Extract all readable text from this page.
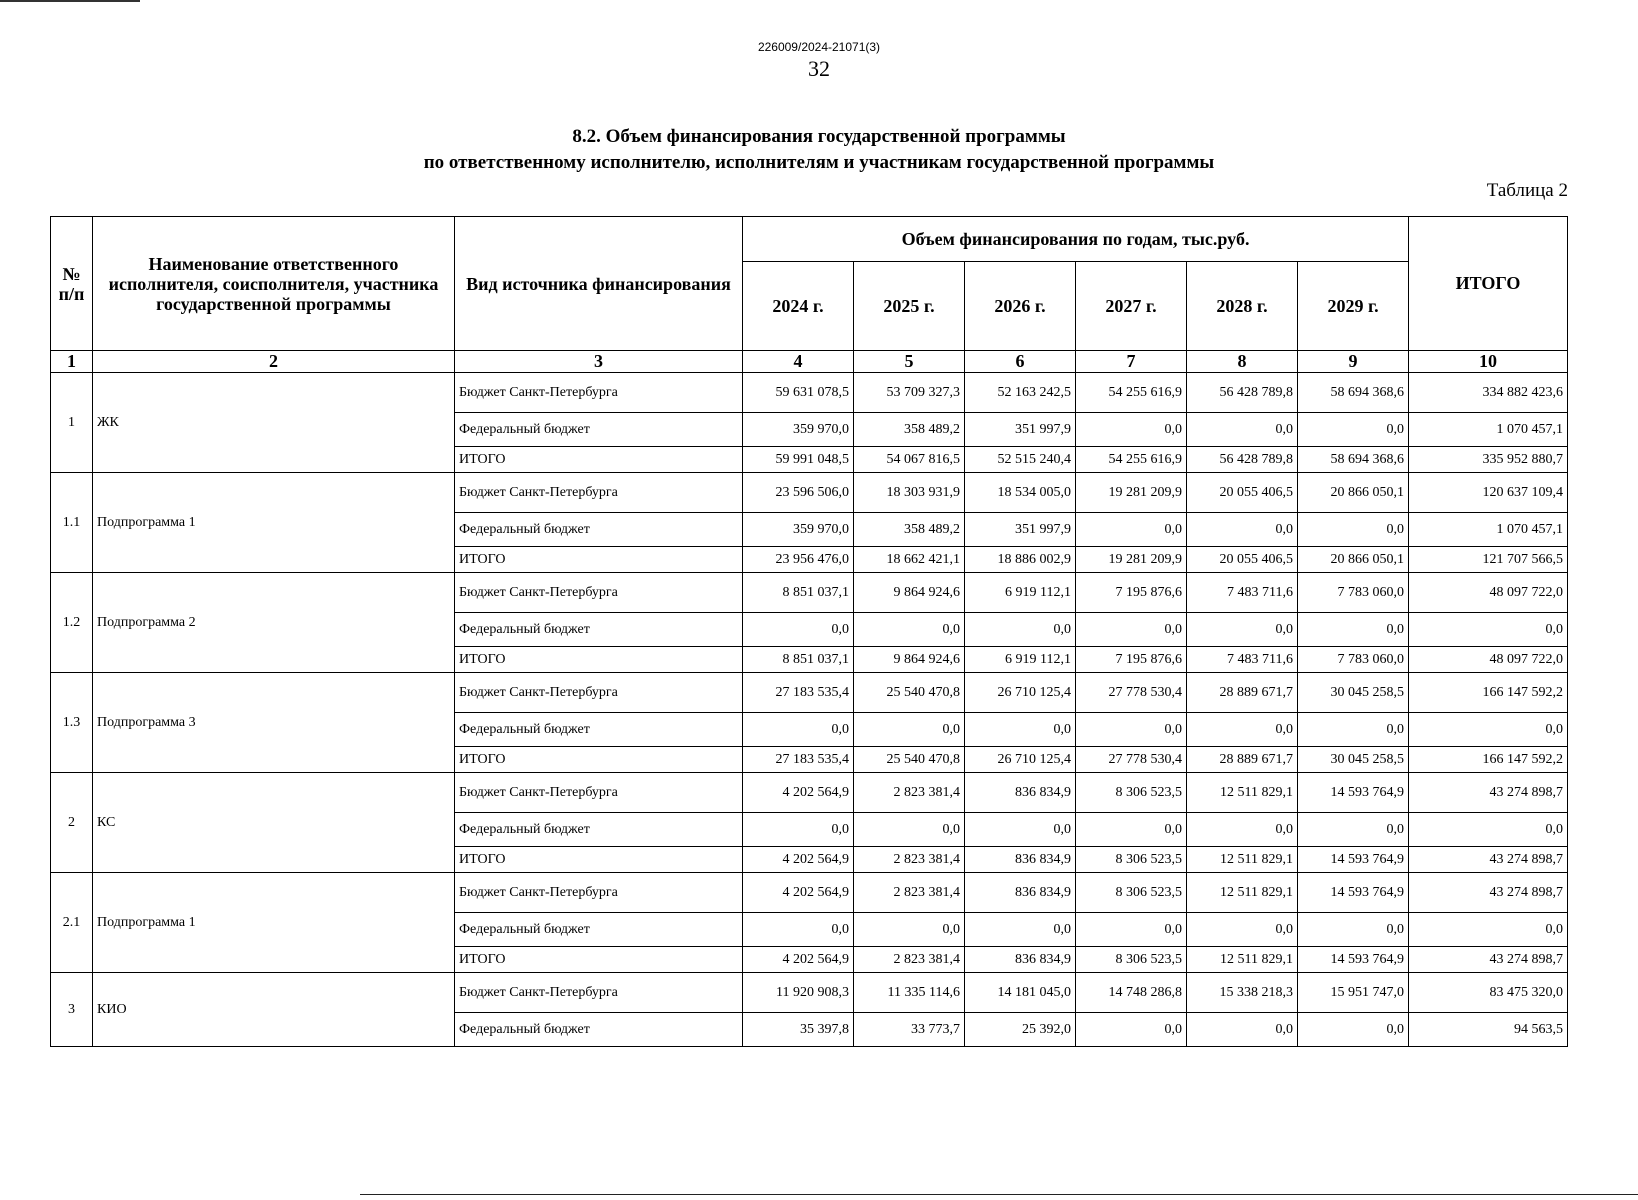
226009/2024-21071(3)
32
8.2. Объем финансирования государственной программы
по ответственному исполнителю, исполнителям и участникам государственной программы
Таблица 2
№ п/п	Наименование ответственного исполнителя, соисполнителя, участника государственной программы	Вид источника финансирования	Объем финансирования по годам, тыс.руб.						ИТОГО
			2024 г.	2025 г.	2026 г.	2027 г.	2028 г.	2029 г.	
1	2	3	4	5	6	7	8	9	10
1	ЖК	Бюджет Санкт-Петербурга	59 631 078,5	53 709 327,3	52 163 242,5	54 255 616,9	56 428 789,8	58 694 368,6	334 882 423,6
		Федеральный бюджет	359 970,0	358 489,2	351 997,9	0,0	0,0	0,0	1 070 457,1
		ИТОГО	59 991 048,5	54 067 816,5	52 515 240,4	54 255 616,9	56 428 789,8	58 694 368,6	335 952 880,7
1.1	Подпрограмма 1	Бюджет Санкт-Петербурга	23 596 506,0	18 303 931,9	18 534 005,0	19 281 209,9	20 055 406,5	20 866 050,1	120 637 109,4
		Федеральный бюджет	359 970,0	358 489,2	351 997,9	0,0	0,0	0,0	1 070 457,1
		ИТОГО	23 956 476,0	18 662 421,1	18 886 002,9	19 281 209,9	20 055 406,5	20 866 050,1	121 707 566,5
1.2	Подпрограмма 2	Бюджет Санкт-Петербурга	8 851 037,1	9 864 924,6	6 919 112,1	7 195 876,6	7 483 711,6	7 783 060,0	48 097 722,0
		Федеральный бюджет	0,0	0,0	0,0	0,0	0,0	0,0	0,0
		ИТОГО	8 851 037,1	9 864 924,6	6 919 112,1	7 195 876,6	7 483 711,6	7 783 060,0	48 097 722,0
1.3	Подпрограмма 3	Бюджет Санкт-Петербурга	27 183 535,4	25 540 470,8	26 710 125,4	27 778 530,4	28 889 671,7	30 045 258,5	166 147 592,2
		Федеральный бюджет	0,0	0,0	0,0	0,0	0,0	0,0	0,0
		ИТОГО	27 183 535,4	25 540 470,8	26 710 125,4	27 778 530,4	28 889 671,7	30 045 258,5	166 147 592,2
2	КС	Бюджет Санкт-Петербурга	4 202 564,9	2 823 381,4	836 834,9	8 306 523,5	12 511 829,1	14 593 764,9	43 274 898,7
		Федеральный бюджет	0,0	0,0	0,0	0,0	0,0	0,0	0,0
		ИТОГО	4 202 564,9	2 823 381,4	836 834,9	8 306 523,5	12 511 829,1	14 593 764,9	43 274 898,7
2.1	Подпрограмма 1	Бюджет Санкт-Петербурга	4 202 564,9	2 823 381,4	836 834,9	8 306 523,5	12 511 829,1	14 593 764,9	43 274 898,7
		Федеральный бюджет	0,0	0,0	0,0	0,0	0,0	0,0	0,0
		ИТОГО	4 202 564,9	2 823 381,4	836 834,9	8 306 523,5	12 511 829,1	14 593 764,9	43 274 898,7
3	КИО	Бюджет Санкт-Петербурга	11 920 908,3	11 335 114,6	14 181 045,0	14 748 286,8	15 338 218,3	15 951 747,0	83 475 320,0
		Федеральный бюджет	35 397,8	33 773,7	25 392,0	0,0	0,0	0,0	94 563,5
